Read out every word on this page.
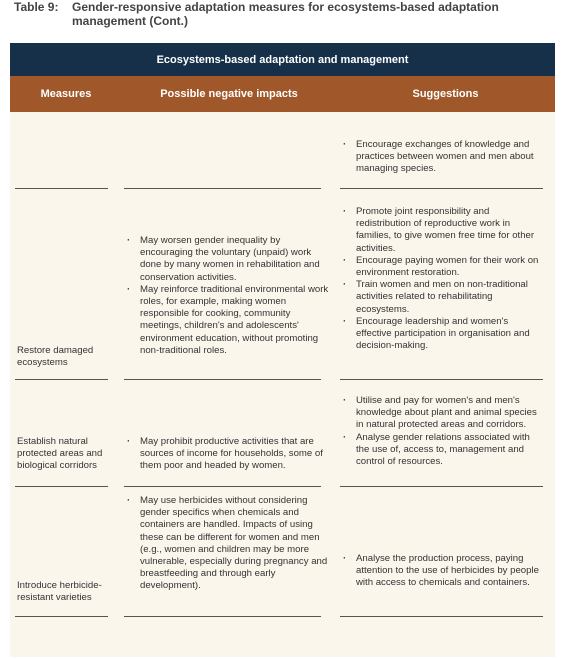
Table 9: Gender-responsive adaptation measures for ecosystems-based adaptation management (Cont.)
Ecosystems-based adaptation and management
Measures	Possible negative impacts	Suggestions
· Encourage exchanges of knowledge and practices between women and men about managing species.
Restore damaged ecosystems
· May worsen gender inequality by encouraging the voluntary (unpaid) work done by many women in rehabilitation and conservation activities.
· May reinforce traditional environmental work roles, for example, making women responsible for cooking, community meetings, children's and adolescents' environment education, without promoting non-traditional roles.
· Promote joint responsibility and redistribution of reproductive work in families, to give women free time for other activities.
· Encourage paying women for their work on environment restoration.
· Train women and men on non-traditional activities related to rehabilitating ecosystems.
· Encourage leadership and women's effective participation in organisation and decision-making.
Establish natural protected areas and biological corridors
· May prohibit productive activities that are sources of income for households, some of them poor and headed by women.
· Utilise and pay for women's and men's knowledge about plant and animal species in natural protected areas and corridors.
· Analyse gender relations associated with the use of, access to, management and control of resources.
Introduce herbicide-resistant varieties
· May use herbicides without considering gender specifics when chemicals and containers are handled. Impacts of using these can be different for women and men (e.g., women and children may be more vulnerable, especially during pregnancy and breastfeeding and through early development).
· Analyse the production process, paying attention to the use of herbicides by people with access to chemicals and containers.
